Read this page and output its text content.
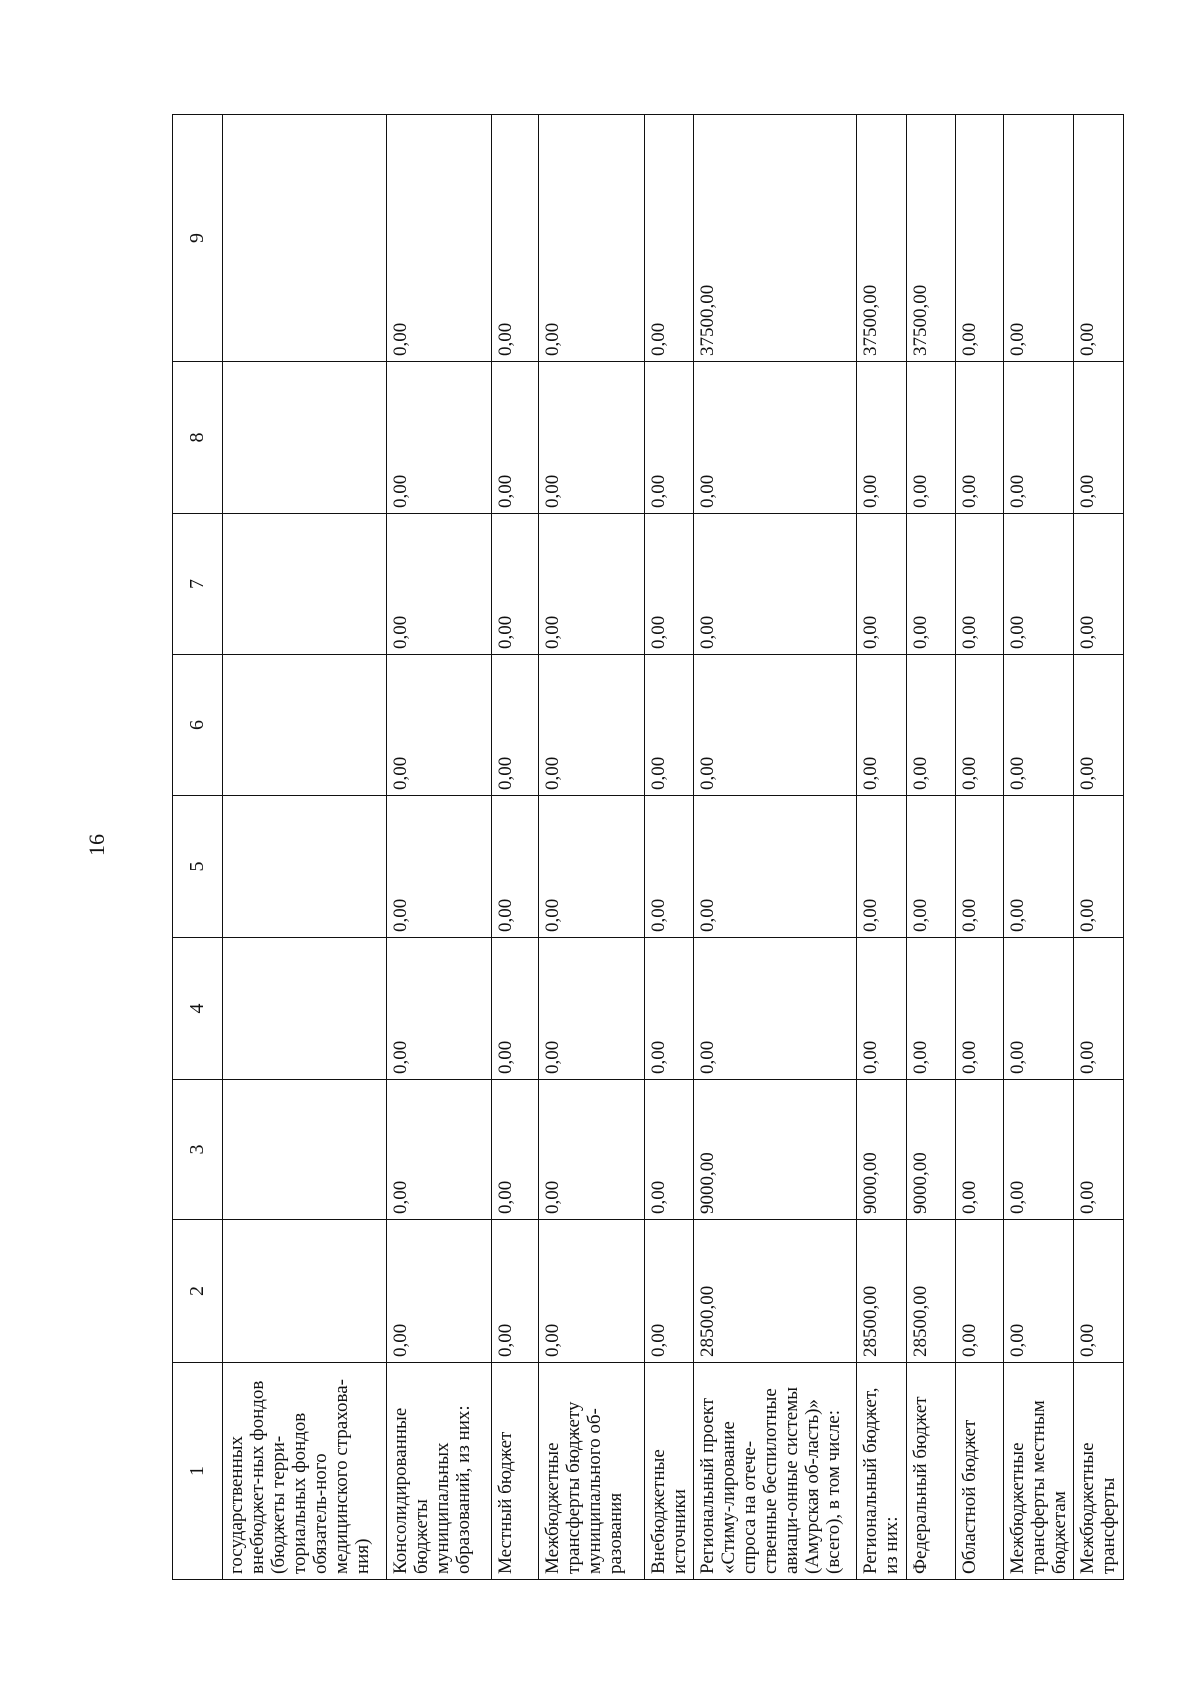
16
1	2	3	4	5	6	7	8	9
государственных внебюджет-ных фондов (бюджеты терри-ториальных фондов обязатель-ного медицинского страхова-ния)								
Консолидированные бюджеты муниципальных образований, из них:	0,00	0,00	0,00	0,00	0,00	0,00	0,00	0,00
Местный бюджет	0,00	0,00	0,00	0,00	0,00	0,00	0,00	0,00
Межбюджетные трансферты бюджету муниципального об-разования	0,00	0,00	0,00	0,00	0,00	0,00	0,00	0,00
Внебюджетные источники	0,00	0,00	0,00	0,00	0,00	0,00	0,00	0,00
Региональный проект «Стиму-лирование спроса на отече-ственные беспилотные авиаци-онные системы (Амурская об-ласть)» (всего), в том числе:	28500,00	9000,00	0,00	0,00	0,00	0,00	0,00	37500,00
Региональный бюджет, из них:	28500,00	9000,00	0,00	0,00	0,00	0,00	0,00	37500,00
Федеральный бюджет	28500,00	9000,00	0,00	0,00	0,00	0,00	0,00	37500,00
Областной бюджет	0,00	0,00	0,00	0,00	0,00	0,00	0,00	0,00
Межбюджетные трансферты местным бюджетам	0,00	0,00	0,00	0,00	0,00	0,00	0,00	0,00
Межбюджетные трансферты	0,00	0,00	0,00	0,00	0,00	0,00	0,00	0,00
